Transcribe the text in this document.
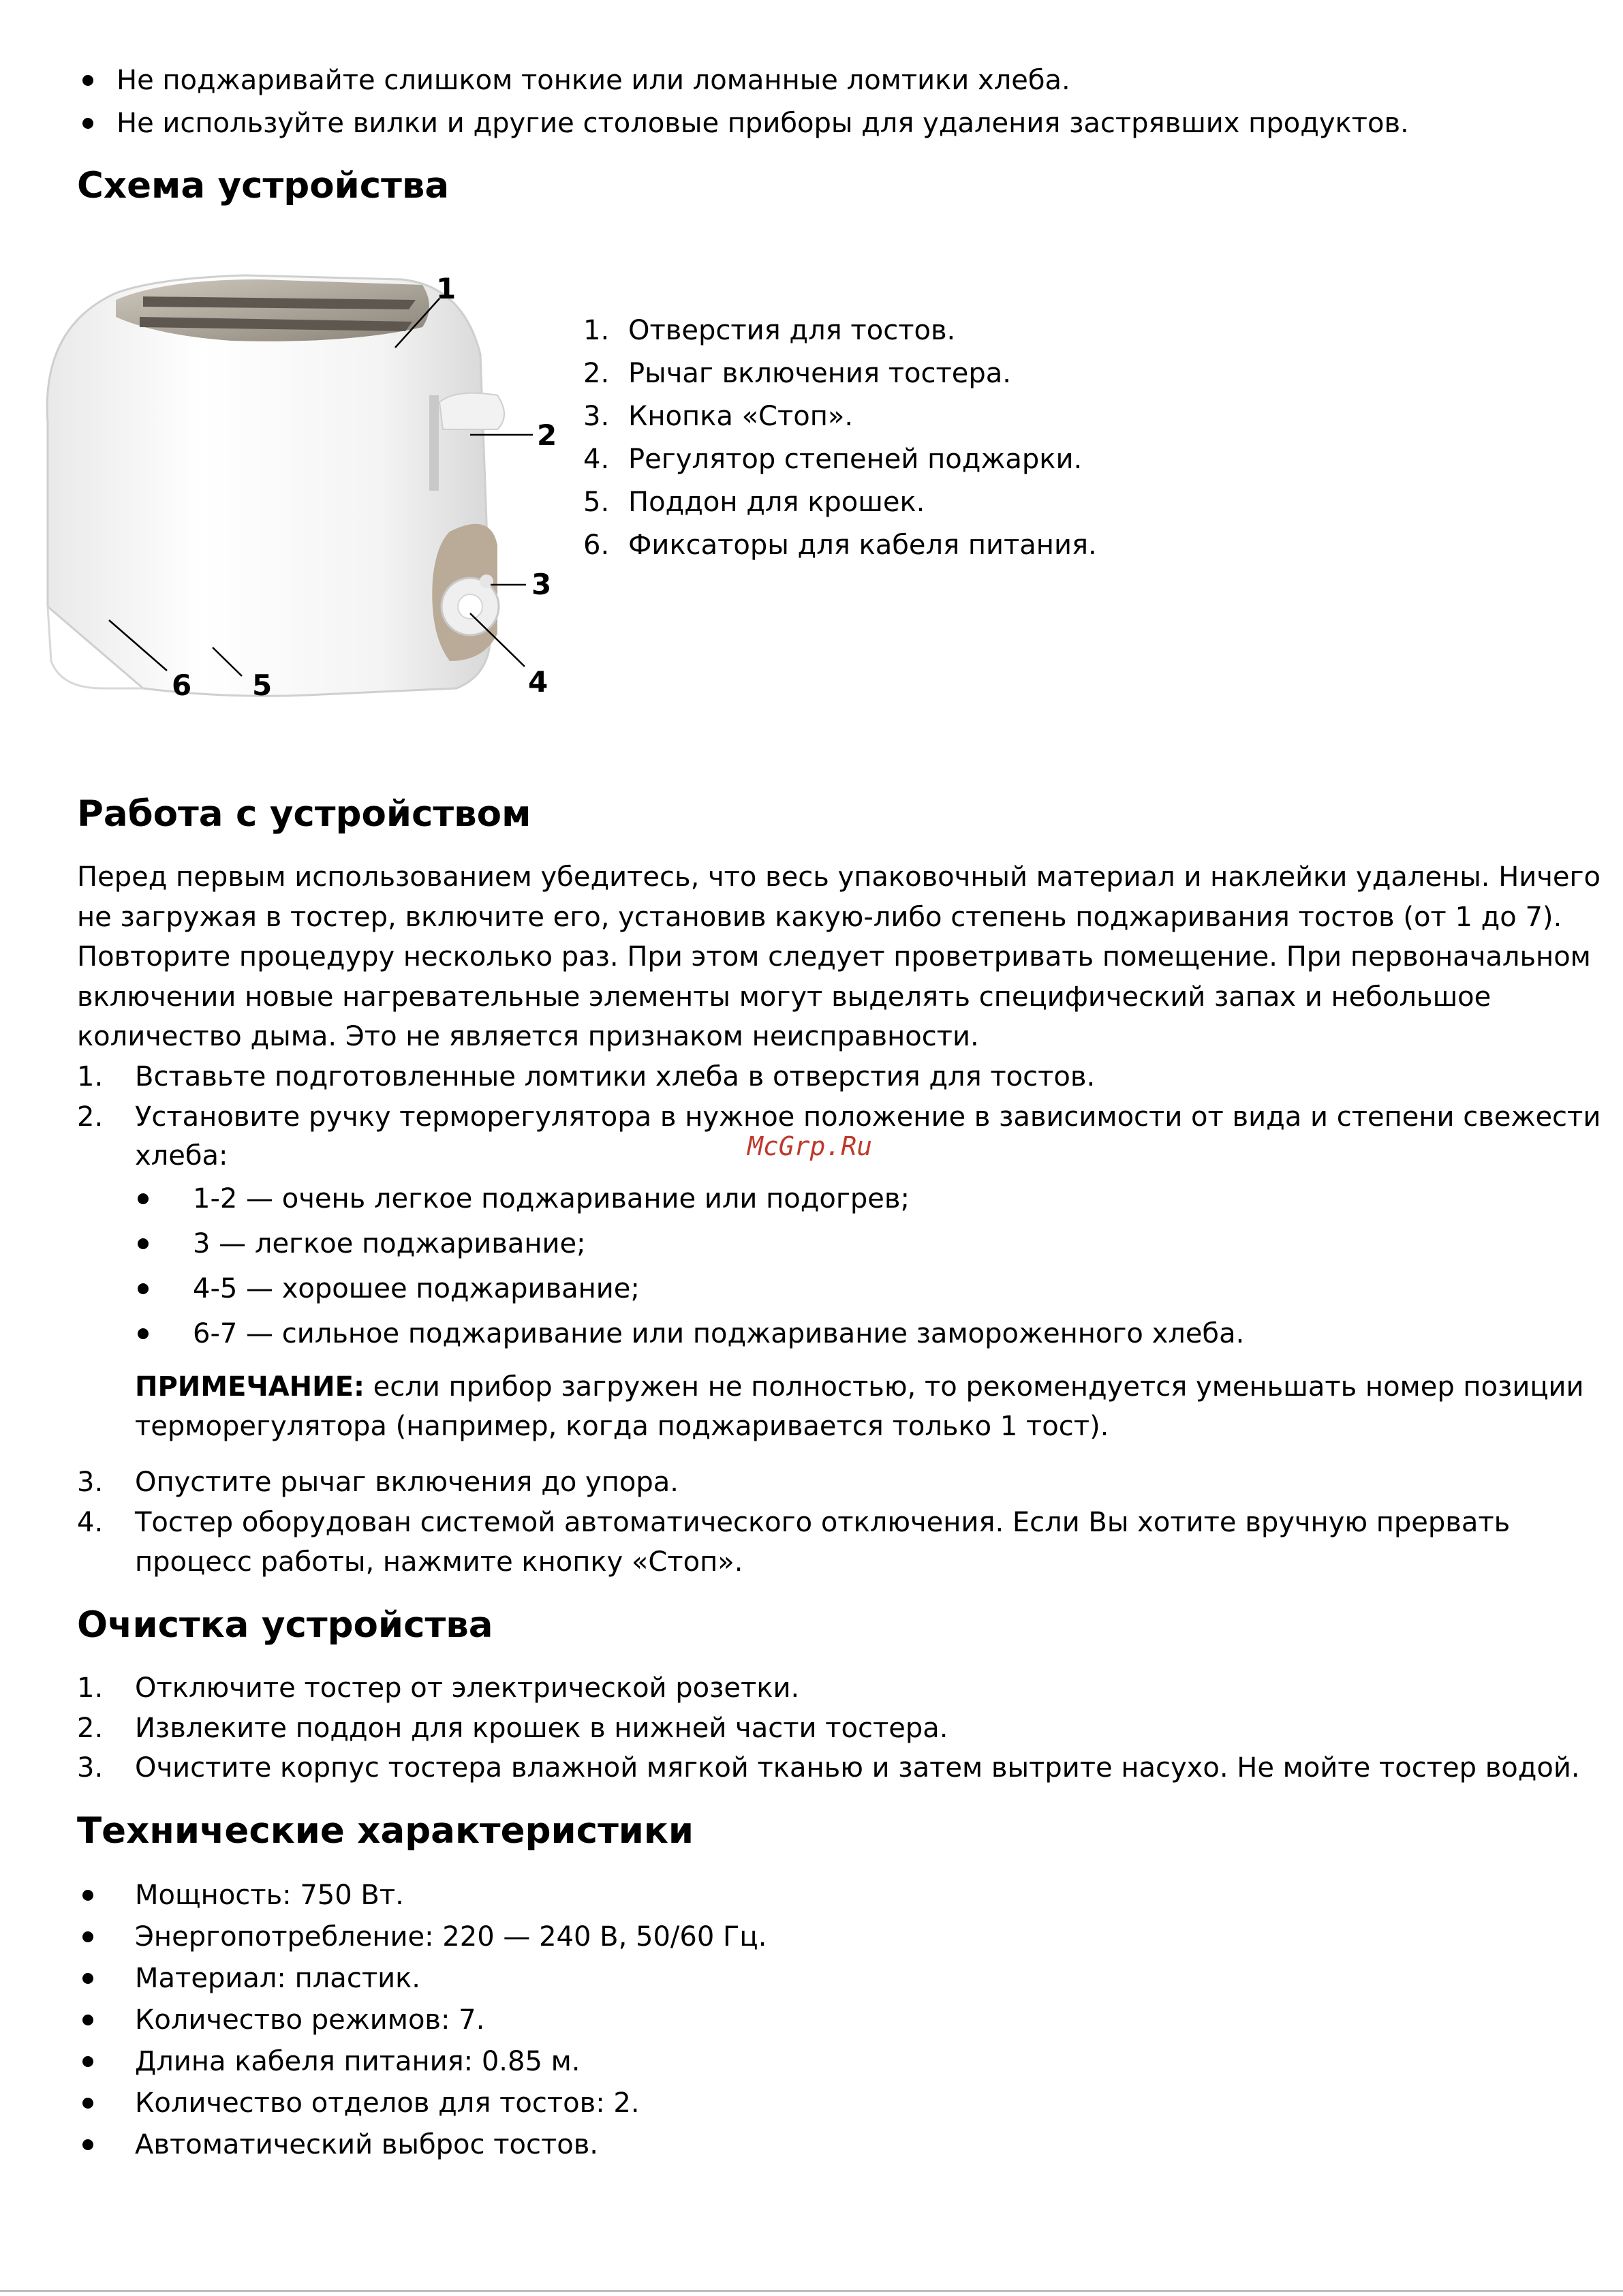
Не поджаривайте слишком тонкие или ломанные ломтики хлеба.
Не используйте вилки и другие столовые приборы для удаления застрявших продуктов.
Схема устройства
1
2
3
4
5
6
1. Отверстия для тостов.
2. Рычаг включения тостера.
3. Кнопка «Стоп».
4. Регулятор степеней поджарки.
5. Поддон для крошек.
6. Фиксаторы для кабеля питания.
Работа с устройством
Перед первым использованием убедитесь, что весь упаковочный материал и наклейки удалены. Ничего
не загружая в тостер, включите его, установив какую-либо степень поджаривания тостов (от 1 до 7).
Повторите процедуру несколько раз. При этом следует проветривать помещение. При первоначальном
включении новые нагревательные элементы могут выделять специфический запах и небольшое
количество дыма. Это не является признаком неисправности.
1. Вставьте подготовленные ломтики хлеба в отверстия для тостов.
2. Установите ручку терморегулятора в нужное положение в зависимости от вида и степени свежести
хлеба:	McGrp.Ru
1-2 — очень легкое поджаривание или подогрев;
3 — легкое поджаривание;
4-5 — хорошее поджаривание;
6-7 — сильное поджаривание или поджаривание замороженного хлеба.
ПРИМЕЧАНИЕ: если прибор загружен не полностью, то рекомендуется уменьшать номер позиции
терморегулятора (например, когда поджаривается только 1 тост).
3. Опустите рычаг включения до упора.
4. Тостер оборудован системой автоматического отключения. Если Вы хотите вручную прервать
процесс работы, нажмите кнопку «Стоп».
Очистка устройства
1. Отключите тостер от электрической розетки.
2. Извлеките поддон для крошек в нижней части тостера.
3. Очистите корпус тостера влажной мягкой тканью и затем вытрите насухо. Не мойте тостер водой.
Технические характеристики
Мощность: 750 Вт.
Энергопотребление: 220 — 240 В, 50/60 Гц.
Материал: пластик.
Количество режимов: 7.
Длина кабеля питания: 0.85 м.
Количество отделов для тостов: 2.
Автоматический выброс тостов.
